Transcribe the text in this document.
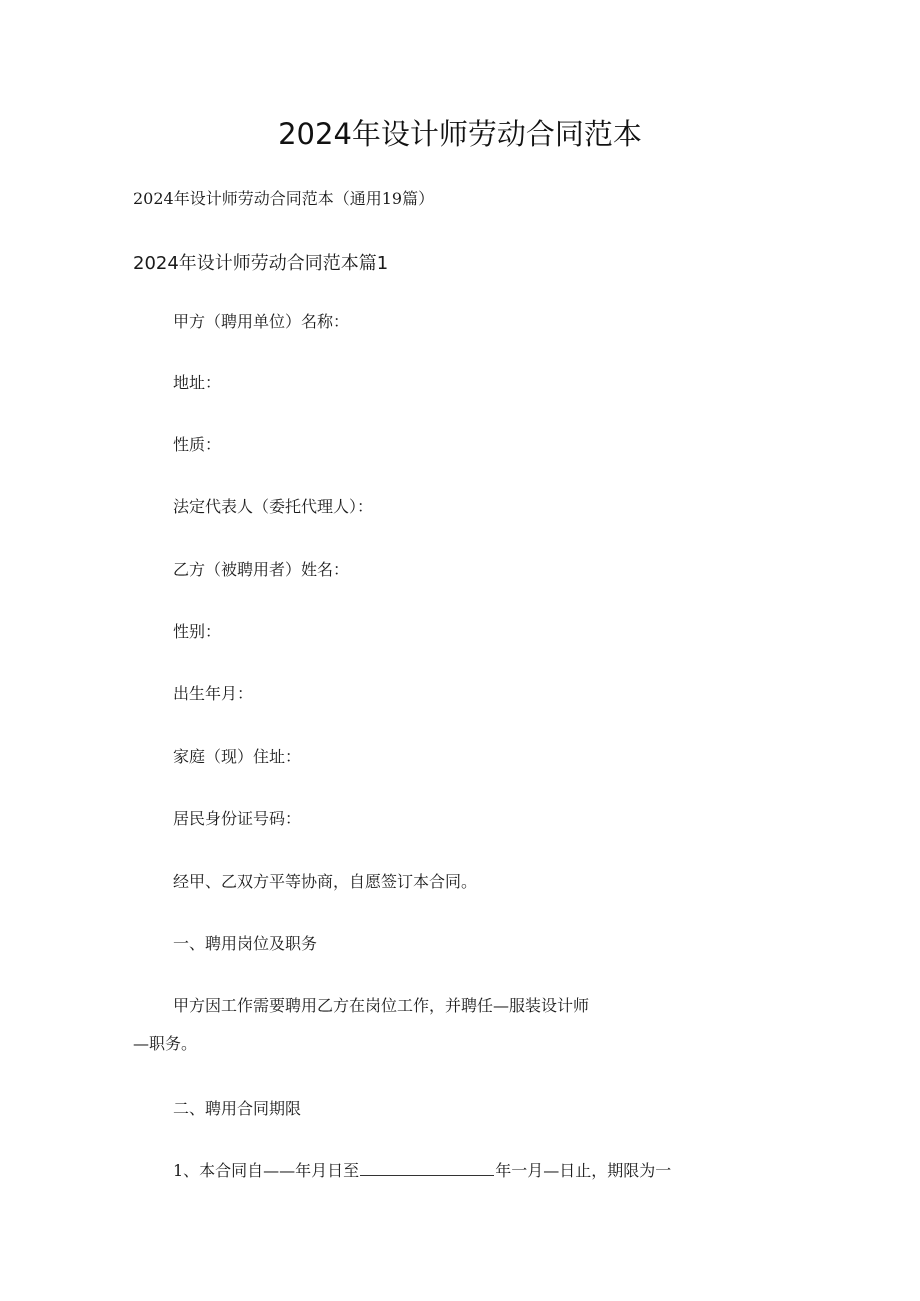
2024年设计师劳动合同范本
2024年设计师劳动合同范本（通用19篇）
2024年设计师劳动合同范本篇1
甲方（聘用单位）名称：
地址：
性质：
法定代表人（委托代理人）：
乙方（被聘用者）姓名：
性别：
出生年月：
家庭（现）住址：
居民身份证号码：
经甲、乙双方平等协商，自愿签订本合同。
一、聘用岗位及职务
甲方因工作需要聘用乙方在岗位工作，并聘任—服装设计师
—职务。
二、聘用合同期限
1、本合同自——年月日至	年一月—日止，期限为一
